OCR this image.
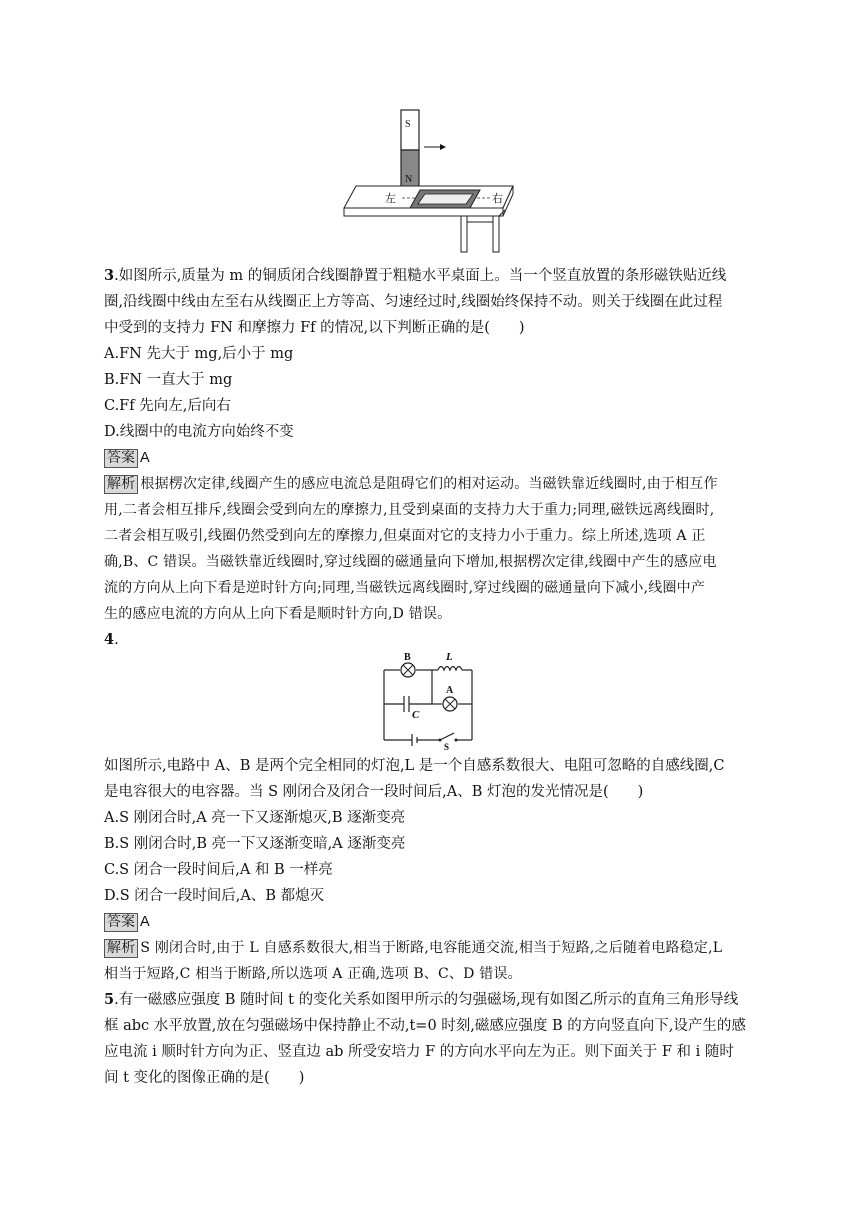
S
N
左	右
3.如图所示,质量为 m 的铜质闭合线圈静置于粗糙水平桌面上。当一个竖直放置的条形磁铁贴近线
圈,沿线圈中线由左至右从线圈正上方等高、匀速经过时,线圈始终保持不动。则关于线圈在此过程
中受到的支持力 FN 和摩擦力 Ff 的情况,以下判断正确的是(　　)
A.FN 先大于 mg,后小于 mg
B.FN 一直大于 mg
C.Ff 先向左,后向右
D.线圈中的电流方向始终不变
答案 A
解析 根据楞次定律,线圈产生的感应电流总是阻碍它们的相对运动。当磁铁靠近线圈时,由于相互作
用,二者会相互排斥,线圈会受到向左的摩擦力,且受到桌面的支持力大于重力;同理,磁铁远离线圈时,
二者会相互吸引,线圈仍然受到向左的摩擦力,但桌面对它的支持力小于重力。综上所述,选项 A 正
确,B、C 错误。当磁铁靠近线圈时,穿过线圈的磁通量向下增加,根据楞次定律,线圈中产生的感应电
流的方向从上向下看是逆时针方向;同理,当磁铁远离线圈时,穿过线圈的磁通量向下减小,线圈中产
生的感应电流的方向从上向下看是顺时针方向,D 错误。
4.
B	L
A
C
S
如图所示,电路中 A、B 是两个完全相同的灯泡,L 是一个自感系数很大、电阻可忽略的自感线圈,C
是电容很大的电容器。当 S 刚闭合及闭合一段时间后,A、B 灯泡的发光情况是(　　)
A.S 刚闭合时,A 亮一下又逐渐熄灭,B 逐渐变亮
B.S 刚闭合时,B 亮一下又逐渐变暗,A 逐渐变亮
C.S 闭合一段时间后,A 和 B 一样亮
D.S 闭合一段时间后,A、B 都熄灭
答案 A
解析 S 刚闭合时,由于 L 自感系数很大,相当于断路,电容能通交流,相当于短路,之后随着电路稳定,L
相当于短路,C 相当于断路,所以选项 A 正确,选项 B、C、D 错误。
5.有一磁感应强度 B 随时间 t 的变化关系如图甲所示的匀强磁场,现有如图乙所示的直角三角形导线
框 abc 水平放置,放在匀强磁场中保持静止不动,t=0 时刻,磁感应强度 B 的方向竖直向下,设产生的感
应电流 i 顺时针方向为正、竖直边 ab 所受安培力 F 的方向水平向左为正。则下面关于 F 和 i 随时
间 t 变化的图像正确的是(　　)
